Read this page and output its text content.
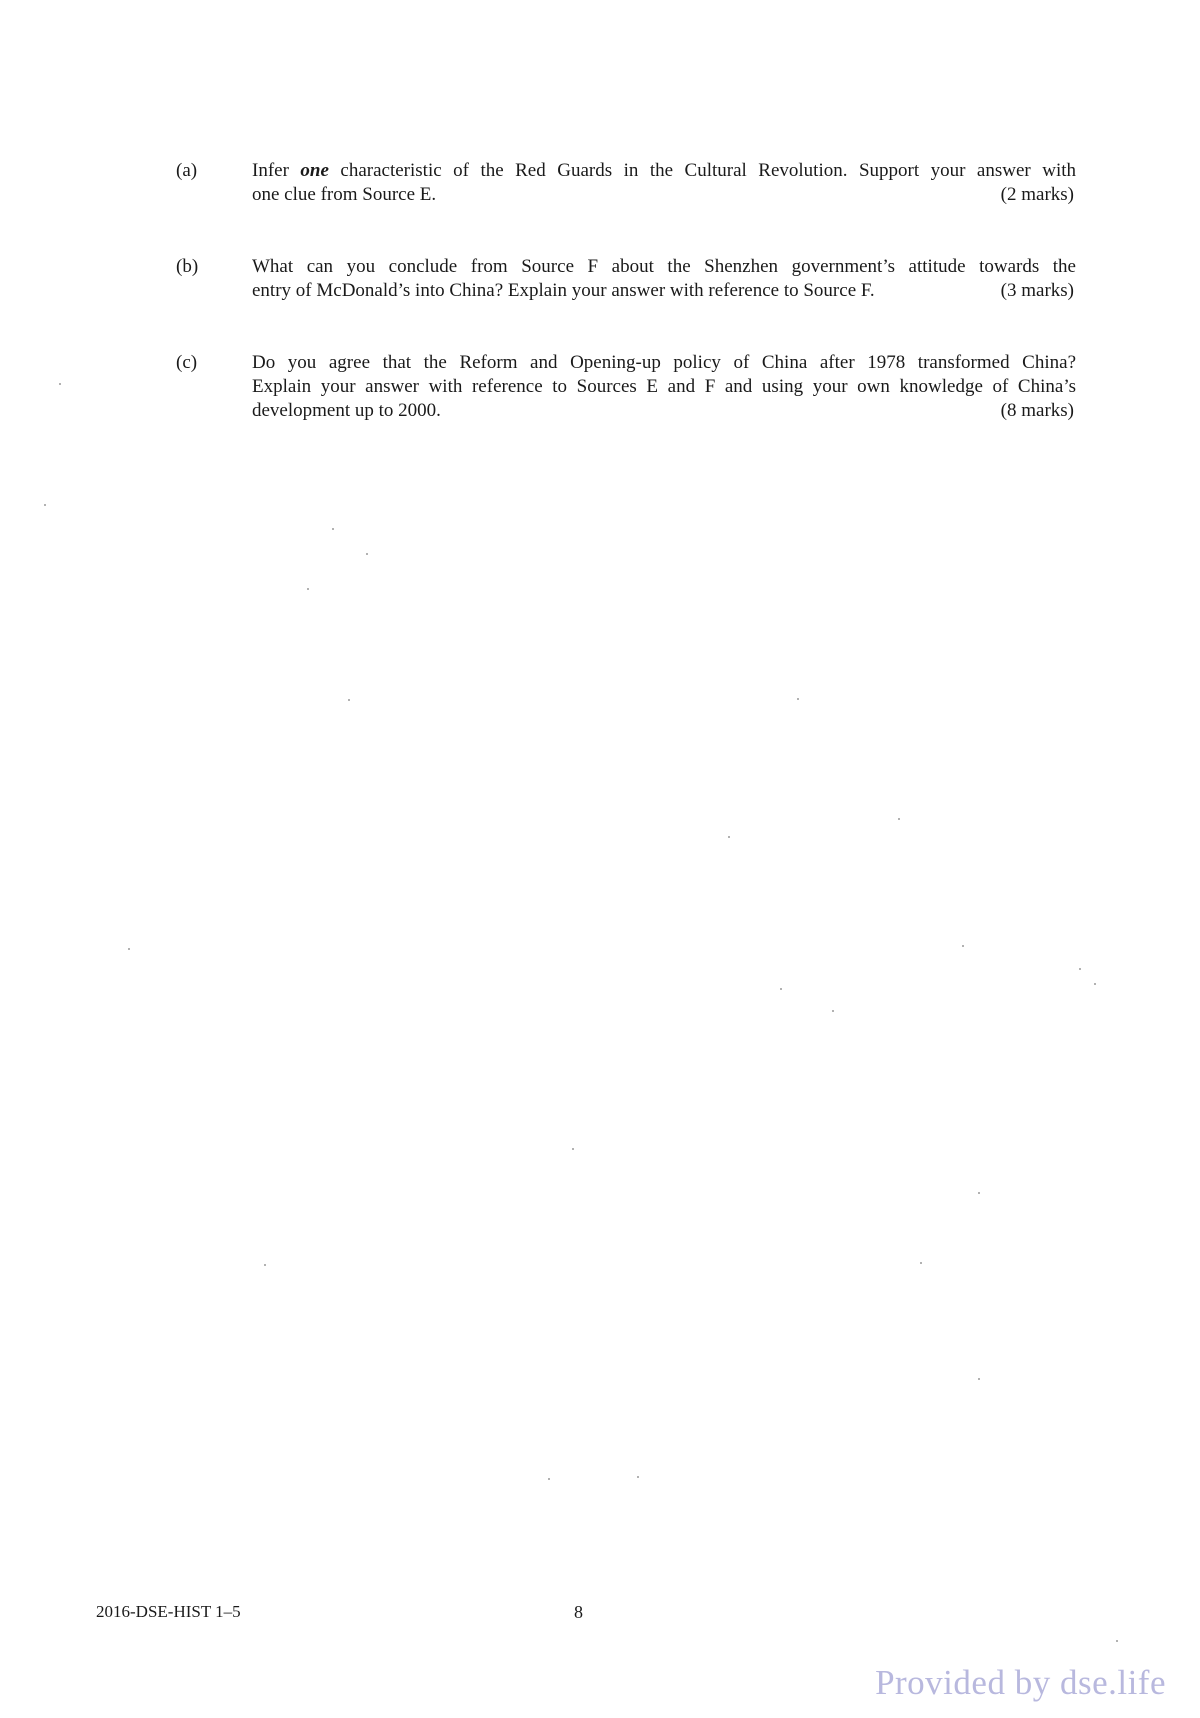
(a)	Infer one characteristic of the Red Guards in the Cultural Revolution. Support your answer with
one clue from Source E.	(2 marks)
(b)	What can you conclude from Source F about the Shenzhen government’s attitude towards the
entry of McDonald’s into China? Explain your answer with reference to Source F.	(3 marks)
(c)	Do you agree that the Reform and Opening-up policy of China after 1978 transformed China?
Explain your answer with reference to Sources E and F and using your own knowledge of China’s
development up to 2000.	(8 marks)
2016-DSE-HIST 1–5	8
Provided by dse.life
